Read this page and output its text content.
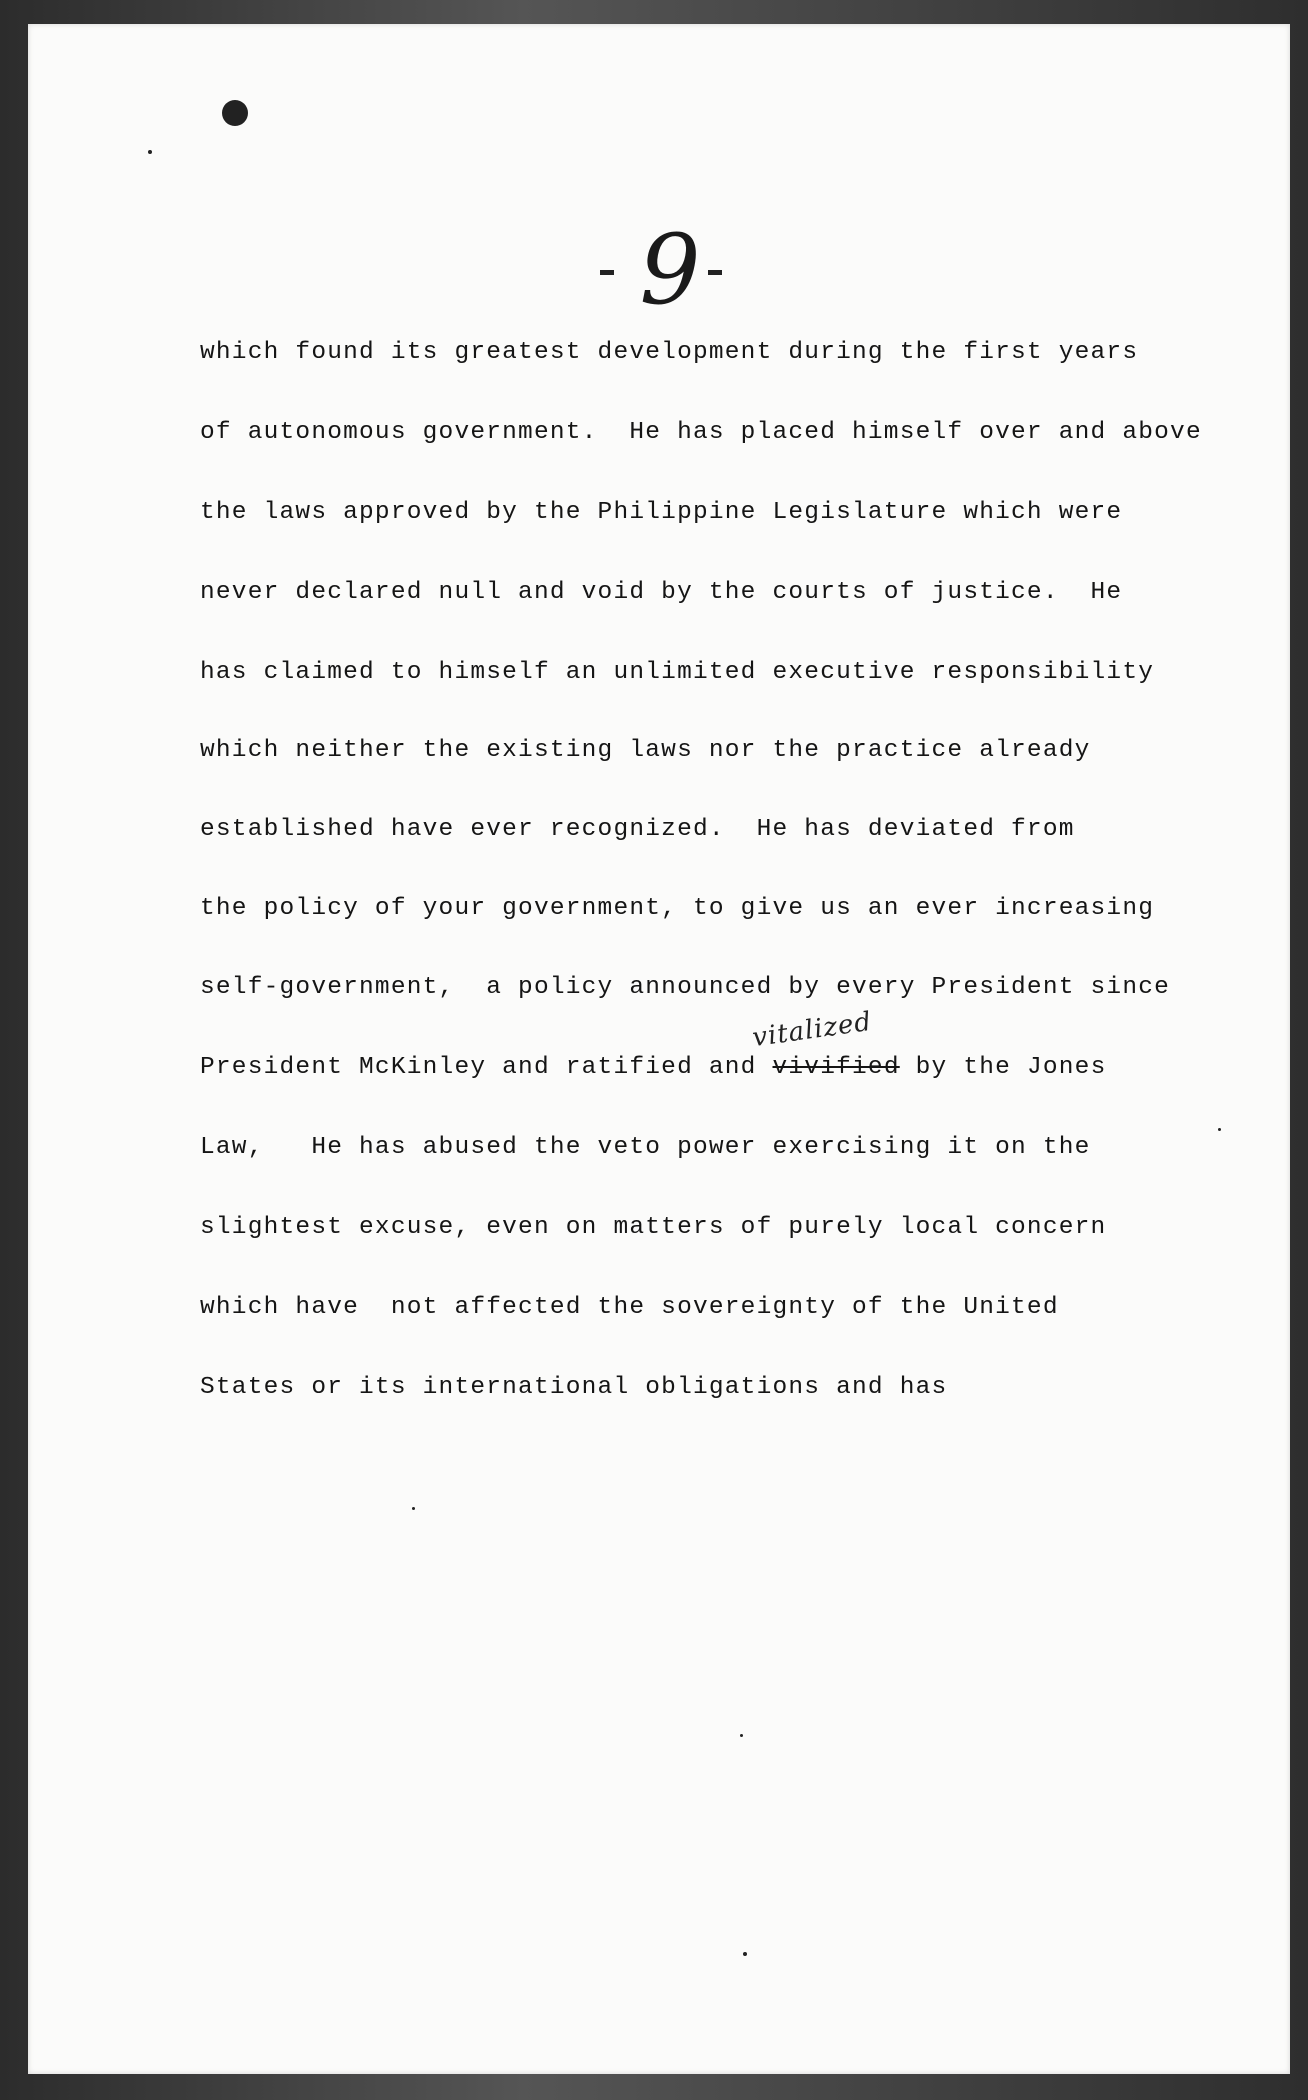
9
which found its greatest development during the first years
of autonomous government.  He has placed himself over and above
the laws approved by the Philippine Legislature which were
never declared null and void by the courts of justice.  He
has claimed to himself an unlimited executive responsibility
which neither the existing laws nor the practice already
established have ever recognized.  He has deviated from
the policy of your government, to give us an ever increasing
self-government,  a policy announced by every President since
vitalized
President McKinley and ratified and vivified by the Jones
Law,   He has abused the veto power exercising it on the
slightest excuse, even on matters of purely local concern
which have  not affected the sovereignty of the United
States or its international obligations and has
